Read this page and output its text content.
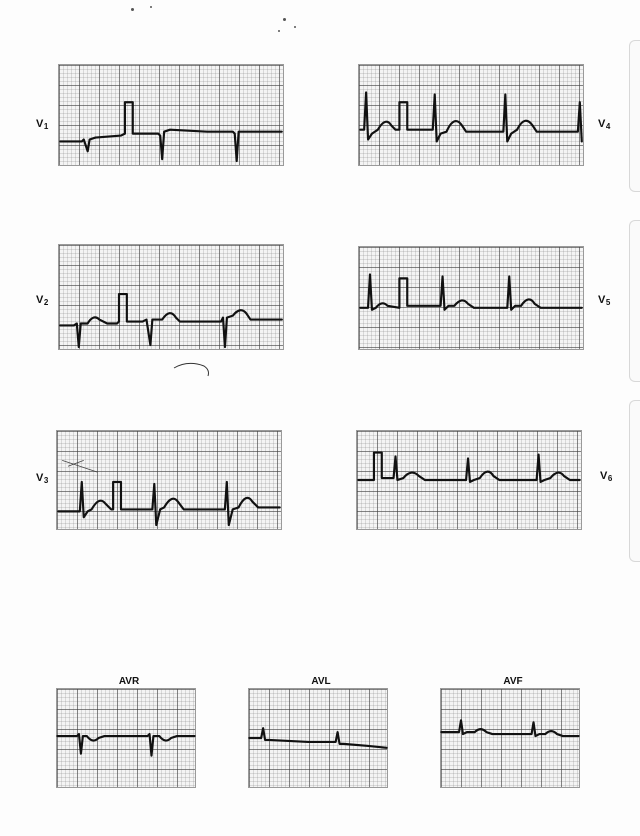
V1
V2
V3
V4
V5
V6
AVR	AVL	AVF
